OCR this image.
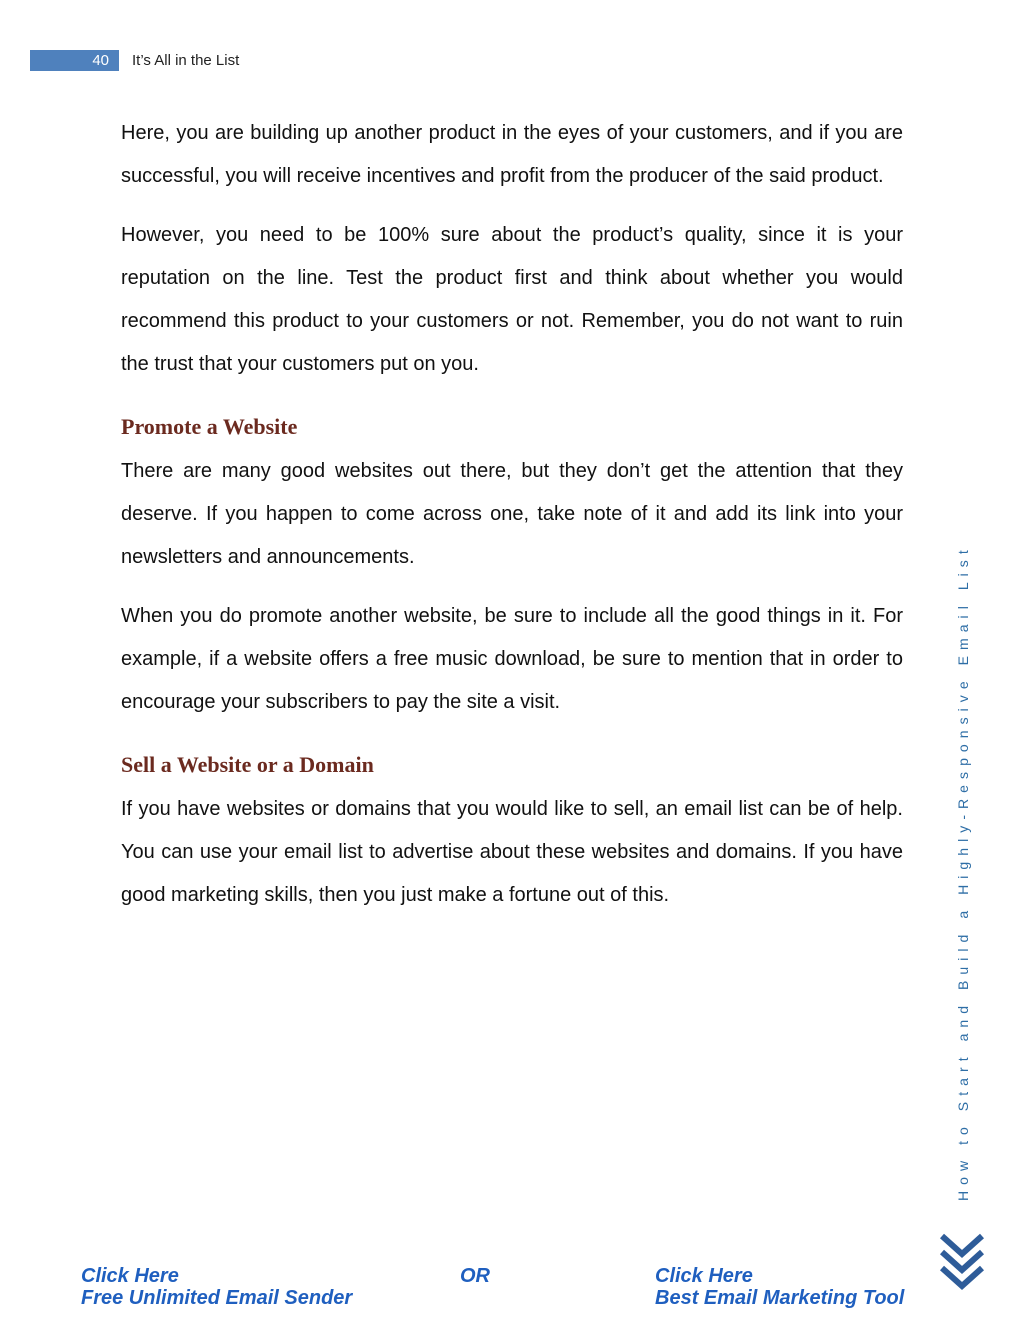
40 It’s All in the List

Here, you are building up another product in the eyes of your customers, and if you are successful, you will receive incentives and profit from the producer of the said product.

However, you need to be 100% sure about the product’s quality, since it is your reputation on the line. Test the product first and think about whether you would recommend this product to your customers or not. Remember, you do not want to ruin the trust that your customers put on you.

Promote a Website

There are many good websites out there, but they don’t get the attention that they deserve. If you happen to come across one, take note of it and add its link into your newsletters and announcements.

When you do promote another website, be sure to include all the good things in it. For example, if a website offers a free music download, be sure to mention that in order to encourage your subscribers to pay the site a visit.

Sell a Website or a Domain

If you have websites or domains that you would like to sell, an email list can be of help. You can use your email list to advertise about these websites and domains. If you have good marketing skills, then you just make a fortune out of this.	How to Start and Build a Highly-Responsive Email List
Click Here
Free Unlimited Email Sender
OR	Click Here
Best Email Marketing Tool
